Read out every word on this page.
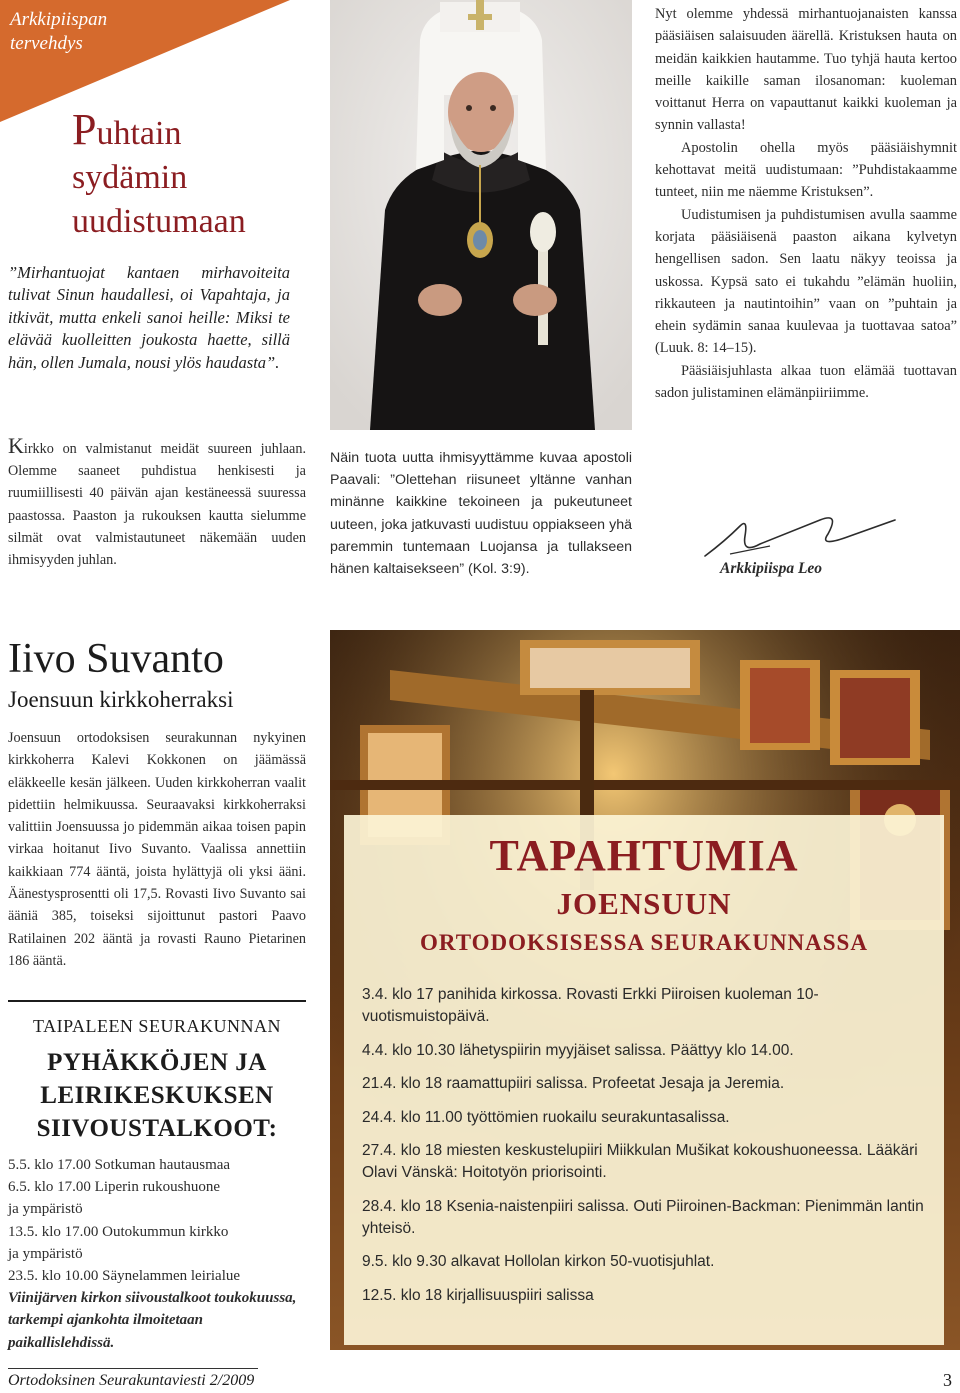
Arkkipiispan
tervehdys
Puhtain
sydämin
uudistumaan
”Mirhantuojat kantaen mirhavoiteita tulivat Sinun haudallesi, oi Vapahtaja, ja itkivät, mutta enkeli sanoi heille: Miksi te elävää kuolleitten joukosta haette, sillä hän, ollen Jumala, nousi ylös haudasta”.
Kirkko on valmistanut meidät suureen juhlaan. Olemme saaneet puhdistua henkisesti ja ruumiillisesti 40 päivän ajan kestäneessä suuressa paastossa. Paaston ja rukouksen kautta sielumme silmät ovat valmistautuneet näkemään uuden ihmisyyden juhlan.
Näin tuota uutta ihmisyyttämme kuvaa apostoli Paavali: ”Olettehan riisuneet yltänne vanhan minänne kaikkine tekoineen ja pukeutuneet uuteen, joka jatkuvasti uudistuu oppiakseen yhä paremmin tuntemaan Luojansa ja tullakseen hänen kaltaisekseen” (Kol. 3:9).

Nyt olemme yhdessä mirhantuojanaisten kanssa pääsiäisen salaisuuden äärellä. Kristuksen hauta on meidän kaikkien hautamme. Tuo tyhjä hauta kertoo meille kaikille saman ilosanoman: kuoleman voittanut Herra on vapauttanut kaikki kuoleman ja synnin vallasta!

Apostolin ohella myös pääsiäishymnit kehottavat meitä uudistumaan: ”Puhdistakaamme tunteet, niin me näemme Kristuksen”.

Uudistumisen ja puhdistumisen avulla saamme korjata pääsiäisenä paaston aikana kylvetyn hengellisen sadon. Sen laatu näkyy teoissa ja uskossa. Kypsä sato ei tukahdu ”elämän huoliin, rikkauteen ja nautintoihin” vaan on ”puhtain ja ehein sydämin sanaa kuulevaa ja tuottavaa satoa” (Luuk. 8: 14–15).

Pääsiäisjuhlasta alkaa tuon elämää tuottavan sadon julistaminen elämänpiiriimme.

Arkkipiispa Leo
Iivo Suvanto
Joensuun kirkkoherraksi
Joensuun ortodoksisen seurakunnan nykyinen kirkkoherra Kalevi Kokkonen on jäämässä eläkkeelle kesän jälkeen. Uuden kirkkoherran vaalit pidettiin helmikuussa. Seuraavaksi kirkkoherraksi valittiin Joensuussa jo pidemmän aikaa toisen papin virkaa hoitanut Iivo Suvanto. Vaalissa annettiin kaikkiaan 774 ääntä, joista hylättyjä oli yksi ääni. Äänestysprosentti oli 17,5. Rovasti Iivo Suvanto sai ääniä 385, toiseksi sijoittunut pastori Paavo Ratilainen 202 ääntä ja rovasti Rauno Pietarinen 186 ääntä.
TAIPALEEN SEURAKUNNAN
PYHÄKKÖJEN JA
LEIRIKESKUKSEN
SIIVOUSTALKOOT:
5.5. klo 17.00 Sotkuman hautausmaa
6.5. klo 17.00 Liperin rukoushuone
ja ympäristö
13.5. klo 17.00 Outokummun kirkko
ja ympäristö
23.5. klo 10.00 Säynelammen leirialue
Viinijärven kirkon siivoustalkoot toukokuussa, tarkempi ajankohta ilmoitetaan paikallislehdissä.
TAPAHTUMIA
JOENSUUN
ORTODOKSISESSA SEURAKUNNASSA
3.4. klo 17 panihida kirkossa. Rovasti Erkki Piiroisen kuoleman 10-vuotismuistopäivä.
4.4. klo 10.30 lähetyspiirin myyjäiset salissa. Päättyy klo 14.00.
21.4. klo 18 raamattupiiri salissa. Profeetat Jesaja ja Jeremia.
24.4. klo 11.00 työttömien ruokailu seurakuntasalissa.
27.4. klo 18 miesten keskustelupiiri Miikkulan Mušikat kokoushuoneessa. Lääkäri Olavi Vänskä: Hoitotyön priorisointi.
28.4. klo 18 Ksenia-naistenpiiri salissa. Outi Piiroinen-Backman: Pienimmän lantin yhteisö.
9.5. klo 9.30 alkavat Hollolan kirkon 50-vuotisjuhlat.
12.5. klo 18 kirjallisuuspiiri salissa
Ortodoksinen Seurakuntaviesti 2/2009	3
